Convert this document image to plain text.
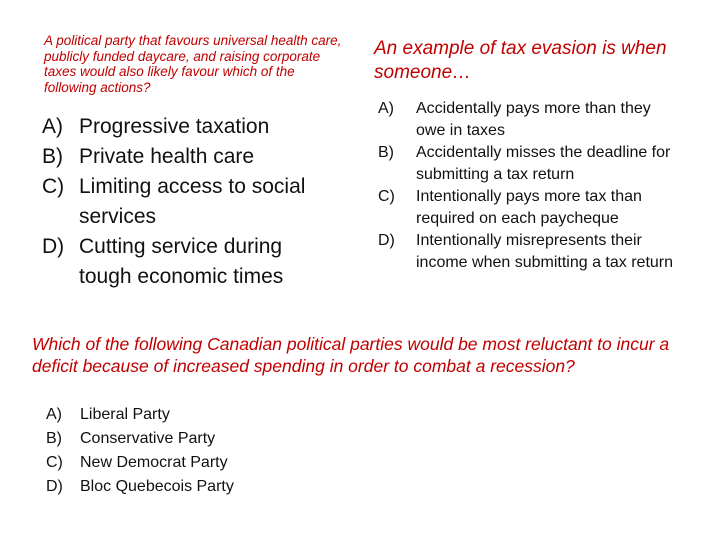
A political party that favours universal health care, publicly funded daycare, and raising corporate taxes would also likely favour which of the following actions?

A) Progressive taxation
B) Private health care
C) Limiting access to social services
D) Cutting service during tough economic times

An example of tax evasion is when someone…

A)	Accidentally pays more than they owe in taxes
B)	Accidentally misses the deadline for submitting a tax return
C)	Intentionally pays more tax than required on each paycheque
D)	Intentionally misrepresents their income when submitting a tax return

Which of the following Canadian political parties would be most reluctant to incur a deficit because of increased spending in order to combat a recession?

A)	Liberal Party
B)	Conservative Party
C)	New Democrat Party
D)	Bloc Quebecois Party
